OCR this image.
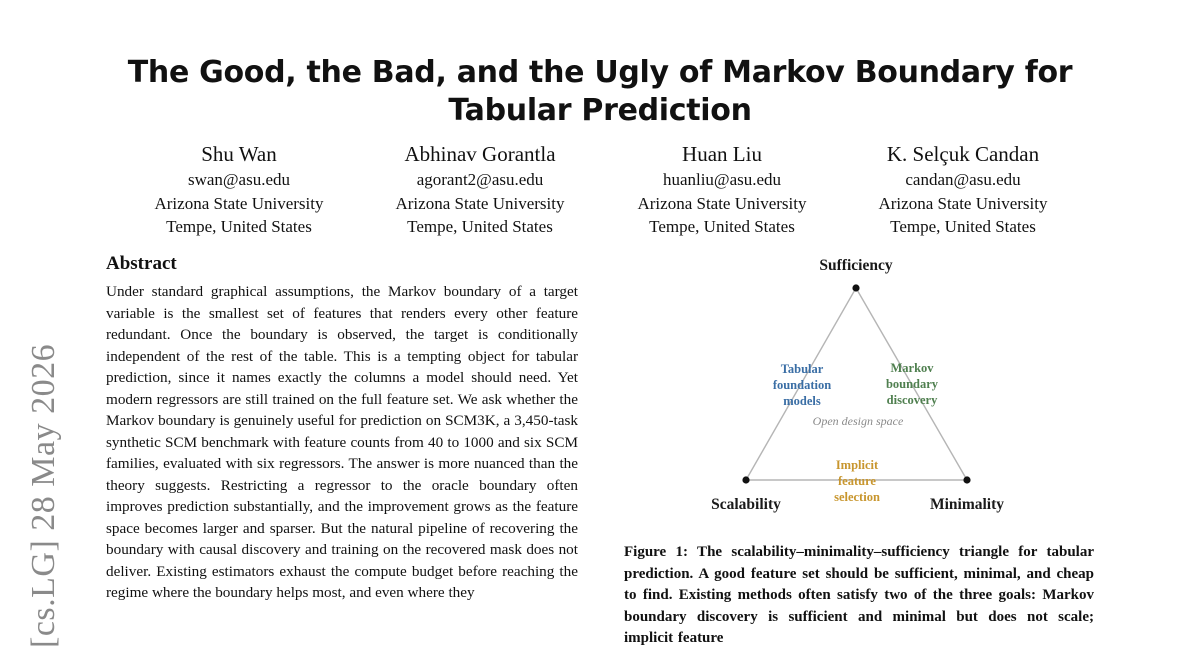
[cs.LG] 28 May 2026
The Good, the Bad, and the Ugly of Markov Boundary for Tabular Prediction
Shu Wan
swan@asu.edu
Arizona State University
Tempe, United States
Abhinav Gorantla
agorant2@asu.edu
Arizona State University
Tempe, United States
Huan Liu
huanliu@asu.edu
Arizona State University
Tempe, United States
K. Selçuk Candan
candan@asu.edu
Arizona State University
Tempe, United States
Abstract

Under standard graphical assumptions, the Markov boundary of a target variable is the smallest set of features that renders every other feature redundant. Once the boundary is observed, the target is conditionally independent of the rest of the table. This is a tempting object for tabular prediction, since it names exactly the columns a model should need. Yet modern regressors are still trained on the full feature set. We ask whether the Markov boundary is genuinely useful for prediction on SCM3K, a 3,450-task synthetic SCM benchmark with feature counts from 40 to 1000 and six SCM families, evaluated with six regressors. The answer is more nuanced than the theory suggests. Restricting a regressor to the oracle boundary often improves prediction substantially, and the improvement grows as the feature space becomes larger and sparser. But the natural pipeline of recovering the boundary with causal discovery and training on the recovered mask does not deliver. Existing estimators exhaust the compute budget before reaching the regime where the boundary helps most, and even where they

Sufficiency
Scalability	Minimality
Tabular
foundation
models
Markov
boundary
discovery
Implicit
feature
selection
Open design space

Figure 1: The scalability–minimality–sufficiency triangle for tabular prediction. A good feature set should be sufficient, minimal, and cheap to find. Existing methods often satisfy two of the three goals: Markov boundary discovery is sufficient and minimal but does not scale; implicit feature
